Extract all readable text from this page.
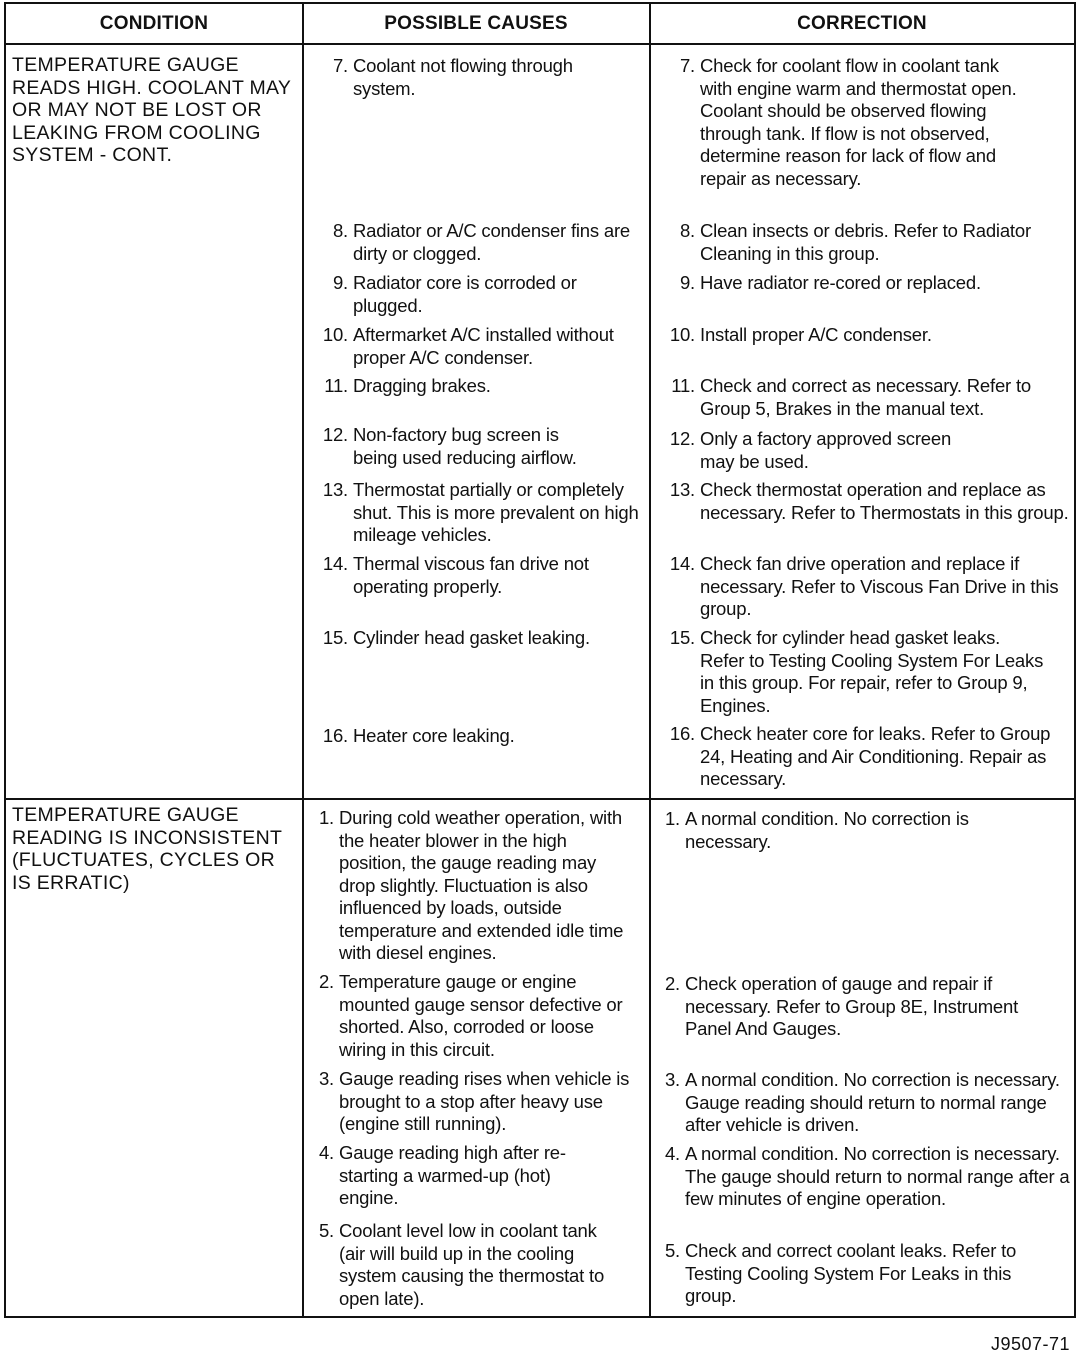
CONDITION	POSSIBLE CAUSES	CORRECTION
TEMPERATURE GAUGE READS HIGH. COOLANT MAY OR MAY NOT BE LOST OR LEAKING FROM COOLING SYSTEM - CONT.
7. Coolant not flowing through system.
8. Radiator or A/C condenser fins are dirty or clogged.
9. Radiator core is corroded or plugged.
10. Aftermarket A/C installed without proper A/C condenser.
11. Dragging brakes.
12. Non-factory bug screen is being used reducing airflow.
13. Thermostat partially or completely shut. This is more prevalent on high mileage vehicles.
14. Thermal viscous fan drive not operating properly.
15. Cylinder head gasket leaking.
16. Heater core leaking.
7. Check for coolant flow in coolant tank with engine warm and thermostat open. Coolant should be observed flowing through tank. If flow is not observed, determine reason for lack of flow and repair as necessary.
8. Clean insects or debris. Refer to Radiator Cleaning in this group.
9. Have radiator re-cored or replaced.
10. Install proper A/C condenser.
11. Check and correct as necessary. Refer to Group 5, Brakes in the manual text.
12. Only a factory approved screen may be used.
13. Check thermostat operation and replace as necessary. Refer to Thermostats in this group.
14. Check fan drive operation and replace if necessary. Refer to Viscous Fan Drive in this group.
15. Check for cylinder head gasket leaks. Refer to Testing Cooling System For Leaks in this group. For repair, refer to Group 9, Engines.
16. Check heater core for leaks. Refer to Group 24, Heating and Air Conditioning. Repair as necessary.
TEMPERATURE GAUGE READING IS INCONSISTENT (FLUCTUATES, CYCLES OR IS ERRATIC)
1. During cold weather operation, with the heater blower in the high position, the gauge reading may drop slightly. Fluctuation is also influenced by loads, outside temperature and extended idle time with diesel engines.
2. Temperature gauge or engine mounted gauge sensor defective or shorted. Also, corroded or loose wiring in this circuit.
3. Gauge reading rises when vehicle is brought to a stop after heavy use (engine still running).
4. Gauge reading high after re-starting a warmed-up (hot) engine.
5. Coolant level low in coolant tank (air will build up in the cooling system causing the thermostat to open late).
1. A normal condition. No correction is necessary.
2. Check operation of gauge and repair if necessary. Refer to Group 8E, Instrument Panel And Gauges.
3. A normal condition. No correction is necessary. Gauge reading should return to normal range after vehicle is driven.
4. A normal condition. No correction is necessary. The gauge should return to normal range after a few minutes of engine operation.
5. Check and correct coolant leaks. Refer to Testing Cooling System For Leaks in this group.
J9507-71
